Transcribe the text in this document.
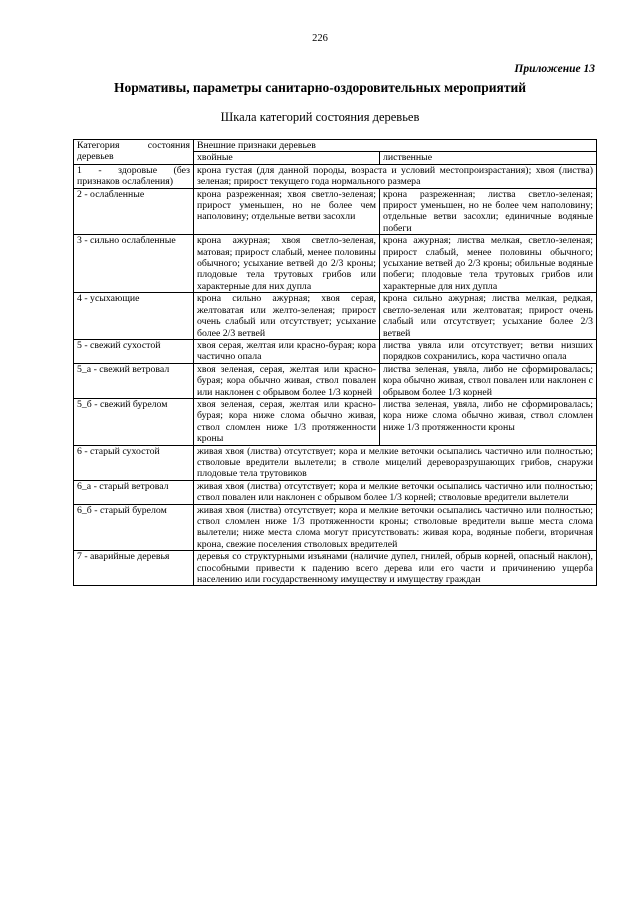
226
Приложение 13
Нормативы, параметры санитарно-оздоровительных мероприятий
Шкала категорий состояния деревьев
Категория состояния деревьев	Внешние признаки деревьев	
	хвойные	лиственные
1 - здоровые (без признаков ослабления)	крона густая (для данной породы, возраста и условий местопроизрастания); хвоя (листва) зеленая; прирост текущего года нормального размера	
2 - ослабленные	крона разреженная; хвоя светло-зеленая; прирост уменьшен, но не более чем наполовину; отдельные ветви засохли	крона разреженная; листва светло-зеленая; прирост уменьшен, но не более чем наполовину; отдельные ветви засохли; единичные водяные побеги
3 - сильно ослабленные	крона ажурная; хвоя светло-зеленая, матовая; прирост слабый, менее половины обычного; усыхание ветвей до 2/3 кроны; плодовые тела трутовых грибов или характерные для них дупла	крона ажурная; листва мелкая, светло-зеленая; прирост слабый, менее половины обычного; усыхание ветвей до 2/3 кроны; обильные водяные побеги; плодовые тела трутовых грибов или характерные для них дупла
4 - усыхающие	крона сильно ажурная; хвоя серая, желтоватая или желто-зеленая; прирост очень слабый или отсутствует; усыхание более 2/3 ветвей	крона сильно ажурная; листва мелкая, редкая, светло-зеленая или желтоватая; прирост очень слабый или отсутствует; усыхание более 2/3 ветвей
5 - свежий сухостой	хвоя серая, желтая или красно-бурая; кора частично опала	листва увяла или отсутствует; ветви низших порядков сохранились, кора частично опала
5_а - свежий ветровал	хвоя зеленая, серая, желтая или красно-бурая; кора обычно живая, ствол повален или наклонен с обрывом более 1/3 корней	листва зеленая, увяла, либо не сформировалась; кора обычно живая, ствол повален или наклонен с обрывом более 1/3 корней
5_б - свежий бурелом	хвоя зеленая, серая, желтая или красно-бурая; кора ниже слома обычно живая, ствол сломлен ниже 1/3 протяженности кроны	листва зеленая, увяла, либо не сформировалась; кора ниже слома обычно живая, ствол сломлен ниже 1/3 протяженности кроны
6 - старый сухостой	живая хвоя (листва) отсутствует; кора и мелкие веточки осыпались частично или полностью; стволовые вредители вылетели; в стволе мицелий дереворазрушающих грибов, снаружи плодовые тела трутовиков	
6_а - старый ветровал	живая хвоя (листва) отсутствует; кора и мелкие веточки осыпались частично или полностью; ствол повален или наклонен с обрывом более 1/3 корней; стволовые вредители вылетели	
6_б - старый бурелом	живая хвоя (листва) отсутствует; кора и мелкие веточки осыпались частично или полностью; ствол сломлен ниже 1/3 протяженности кроны; стволовые вредители выше места слома вылетели; ниже места слома могут присутствовать: живая кора, водяные побеги, вторичная крона, свежие поселения стволовых вредителей	
7 - аварийные деревья	деревья со структурными изъянами (наличие дупел, гнилей, обрыв корней, опасный наклон), способными привести к падению всего дерева или его части и причинению ущерба населению или государственному имуществу и имуществу граждан	
